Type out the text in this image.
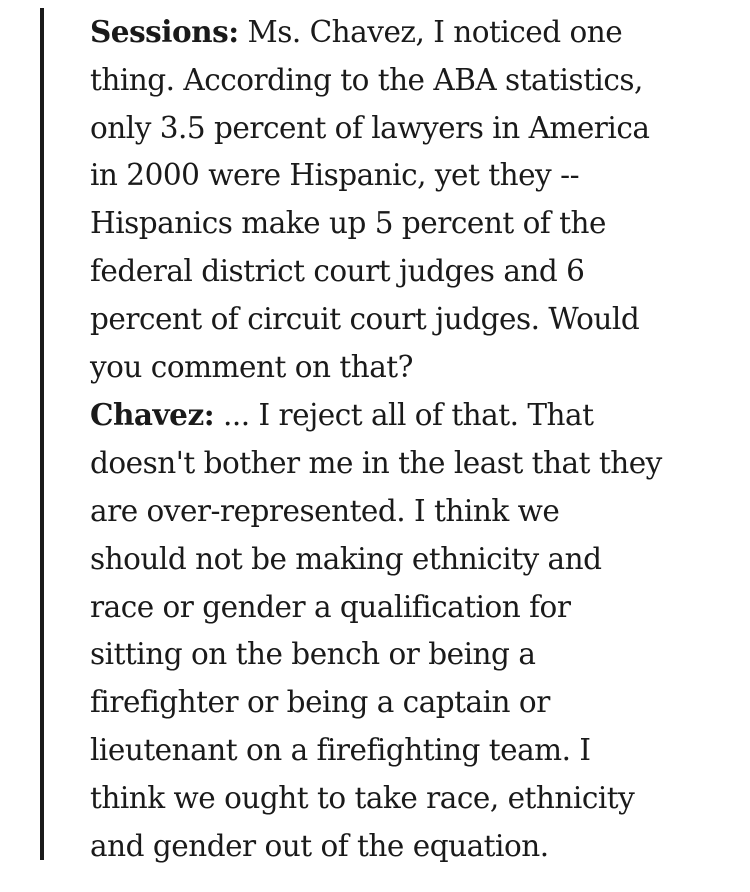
Sessions: Ms. Chavez, I noticed one
thing. According to the ABA statistics,
only 3.5 percent of lawyers in America
in 2000 were Hispanic, yet they --
Hispanics make up 5 percent of the
federal district court judges and 6
percent of circuit court judges. Would
you comment on that?

Chavez: ... I reject all of that. That
doesn't bother me in the least that they
are over-represented. I think we
should not be making ethnicity and
race or gender a qualification for
sitting on the bench or being a
firefighter or being a captain or
lieutenant on a firefighting team. I
think we ought to take race, ethnicity
and gender out of the equation.
